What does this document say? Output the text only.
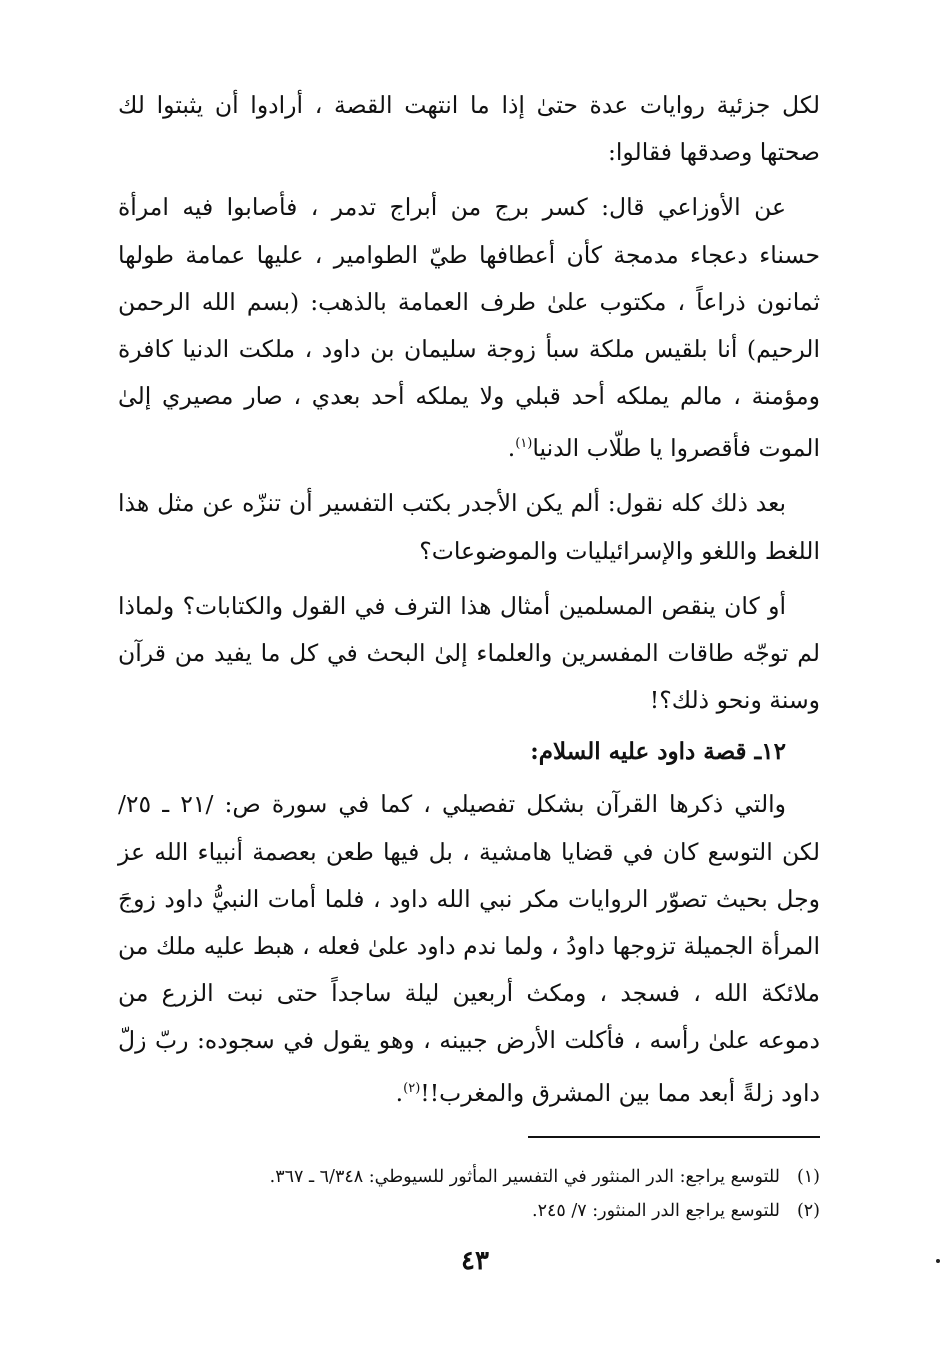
لكل جزئية روايات عدة حتىٰ إذا ما انتهت القصة ، أرادوا أن يثبتوا لك صحتها وصدقها فقالوا:

عن الأوزاعي قال: كسر برج من أبراج تدمر ، فأصابوا فيه امرأة حسناء دعجاء مدمجة كأن أعطافها طيّ الطوامير ، عليها عمامة طولها ثمانون ذراعاً ، مكتوب علىٰ طرف العمامة بالذهب: (بسم الله الرحمن الرحيم) أنا بلقيس ملكة سبأ زوجة سليمان بن داود ، ملكت الدنيا كافرة ومؤمنة ، مالم يملكه أحد قبلي ولا يملكه أحد بعدي ، صار مصيري إلىٰ الموت فأقصروا يا طلّاب الدنيا$^{(١)}$.

بعد ذلك كله نقول: ألم يكن الأجدر بكتب التفسير أن تنزّه عن مثل هذا اللغط واللغو والإسرائيليات والموضوعات؟

أو كان ينقص المسلمين أمثال هذا الترف في القول والكتابات؟ ولماذا لم توجّه طاقات المفسرين والعلماء إلىٰ البحث في كل ما يفيد من قرآن وسنة ونحو ذلك؟!

١٢ـ قصة داود عليه السلام:

والتي ذكرها القرآن بشكل تفصيلي ، كما في سورة ص: /٢١ ـ ٢٥/ لكن التوسع كان في قضايا هامشية ، بل فيها طعن بعصمة أنبياء الله عز وجل بحيث تصوّر الروايات مكر نبي الله داود ، فلما أمات النبيُّ داود زوجَ المرأة الجميلة تزوجها داودُ ، ولما ندم داود علىٰ فعله ، هبط عليه ملك من ملائكة الله ، فسجد ، ومكث أربعين ليلة ساجداً حتى نبت الزرع من دموعه علىٰ رأسه ، فأكلت الأرض جبينه ، وهو يقول في سجوده: ربّ زلّ داود زلةً أبعد مما بين المشرق والمغرب!!$^{(٢)}$.

(١)للتوسع يراجع: الدر المنثور في التفسير المأثور للسيوطي: ٦/٣٤٨ ـ ٣٦٧.
(٢)للتوسع يراجع الدر المنثور: ٧/ ٢٤٥.
٤٣
